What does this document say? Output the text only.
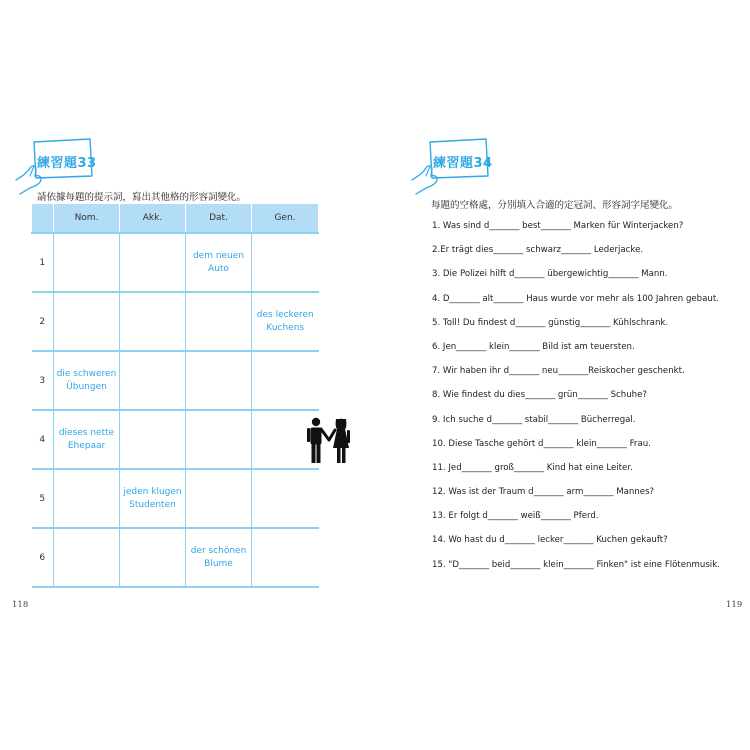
練習題33
請依據每題的提示詞，寫出其他格的形容詞變化。
	Nom.	Akk.	Dat.	Gen.
1			dem neuen
Auto	

2				des leckeren
Kuchens

3	die schweren
Übungen			

4	dieses nette
Ehepaar			

5		jeden klugen
Studenten		

6			der schönen
Blume	

118
練習題34
每題的空格處，分別填入合適的定冠詞、形容詞字尾變化。
119
1. Was sind d_______ best_______ Marken für Winterjacken?
2.Er trägt dies_______ schwarz_______ Lederjacke.
3. Die Polizei hilft d_______ übergewichtig_______ Mann.
4. D_______ alt_______ Haus wurde vor mehr als 100 Jahren gebaut.
5. Toll! Du findest d_______ günstig_______ Kühlschrank.
6. Jen_______ klein_______ Bild ist am teuersten.
7. Wir haben ihr d_______ neu_______Reiskocher geschenkt.
8. Wie findest du dies_______ grün_______ Schuhe?
9. Ich suche d_______ stabil_______ Bücherregal.
10. Diese Tasche gehört d_______ klein_______ Frau.
11. Jed_______ groß_______ Kind hat eine Leiter.
12. Was ist der Traum d_______ arm_______ Mannes?
13. Er folgt d_______ weiß_______ Pferd.
14. Wo hast du d_______ lecker_______ Kuchen gekauft?
15. "D_______ beid_______ klein_______ Finken" ist eine Flötenmusik.
